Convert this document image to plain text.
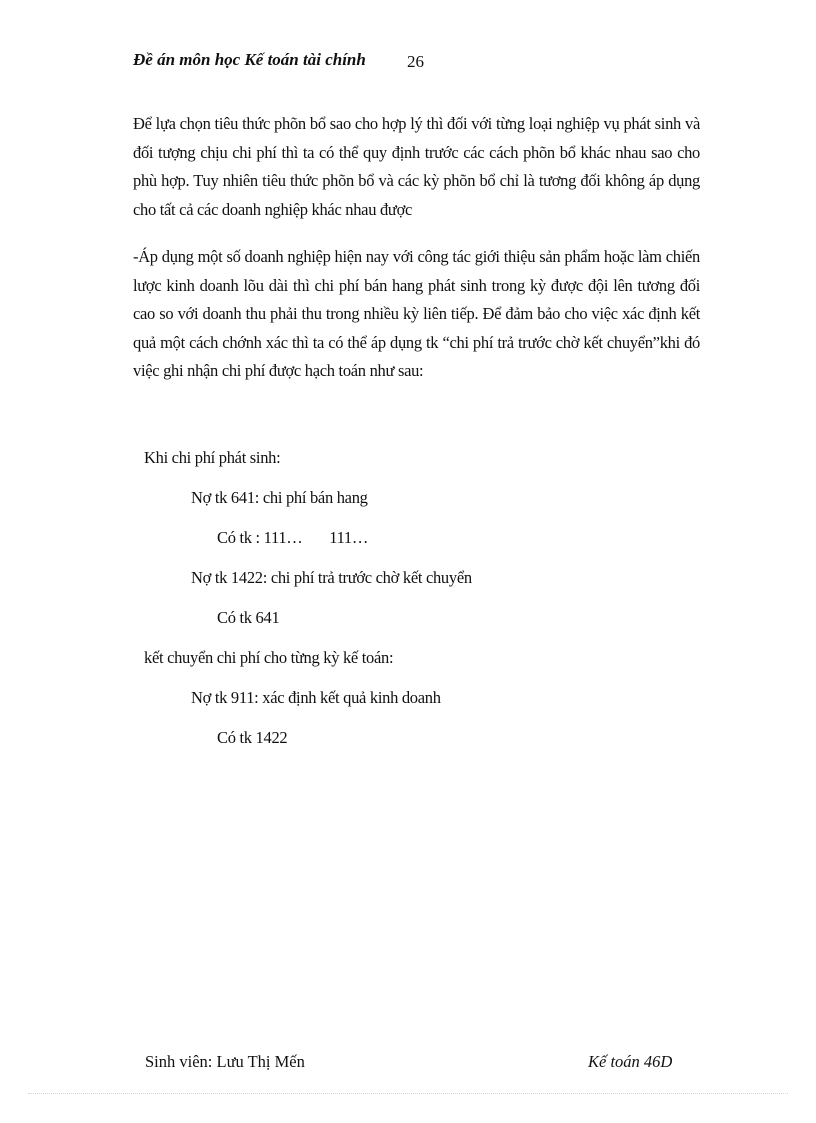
Đề án môn học Kế toán tài chính 26
Để lựa chọn tiêu thức phõn bổ sao cho hợp lý thì đối với từng loại nghiệp vụ phát sinh và đối tượng chịu chi phí thì ta có thể quy định trước các cách phõn bổ khác nhau sao cho phù hợp. Tuy nhiên tiêu thức phõn bổ và các kỳ phõn bổ chỉ là tương đối không áp dụng cho tất cả các doanh nghiệp khác nhau được
-Áp dụng một số doanh nghiệp hiện nay với công tác giới thiệu sản phẩm hoặc làm chiến lược kinh doanh lõu dài thì chi phí bán hang phát sinh trong kỳ được đội lên tương đối cao so với doanh thu phải thu trong nhiều kỳ liên tiếp. Để đảm bảo cho việc xác định kết quả một cách chớnh xác thì ta có thể áp dụng tk “chi phí trả trước chờ kết chuyển”khi đó việc ghi nhận chi phí được hạch toán như sau:
Khi chi phí phát sinh:
Nợ tk 641: chi phí bán hang
Có tk : 111…       111…
Nợ tk 1422: chi phí trả trước chờ kết chuyển
Có tk 641
kết chuyển chi phí cho từng kỳ kế toán:
Nợ tk 911: xác định kết quả kinh doanh
Có tk 1422
Sinh viên: Lưu Thị Mến	Kế toán 46D
